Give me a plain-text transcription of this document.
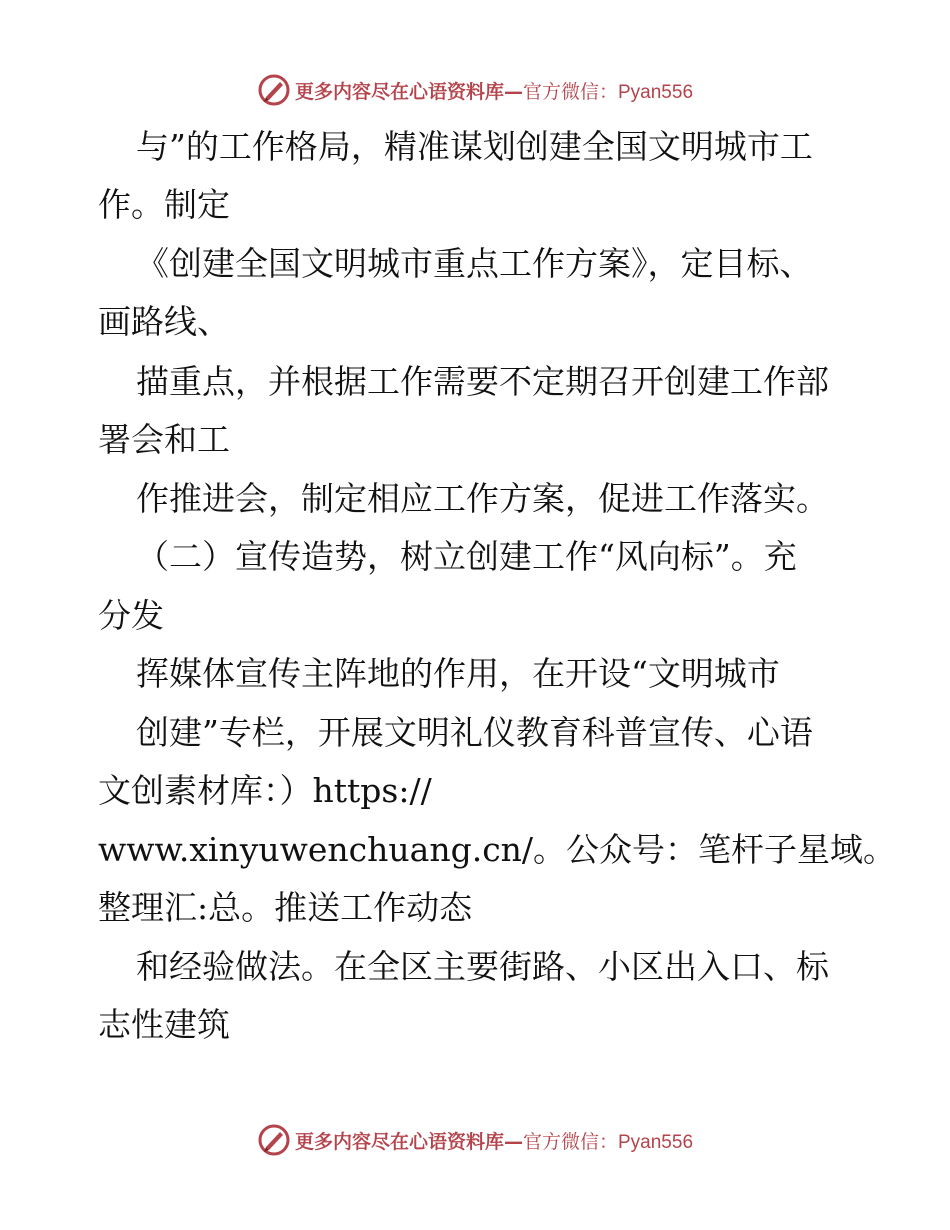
更多内容尽在心语资料库— 官方微信：Pyan556
与”的工作格局，精准谋划创建全国文明城市工
作。制定
《创建全国文明城市重点工作方案》，定目标、
画路线、
描重点，并根据工作需要不定期召开创建工作部
署会和工
作推进会，制定相应工作方案，促进工作落实。
（二）宣传造势，树立创建工作“风向标”。充
分发
挥媒体宣传主阵地的作用，在开设“文明城市
创建”专栏，开展文明礼仪教育科普宣传、心语
文创素材库：）https://
www.xinyuwenchuang.cn/。公众号：笔杆子星域。
整理汇:总。推送工作动态
和经验做法。在全区主要街路、小区出入口、标
志性建筑
更多内容尽在心语资料库— 官方微信：Pyan556
